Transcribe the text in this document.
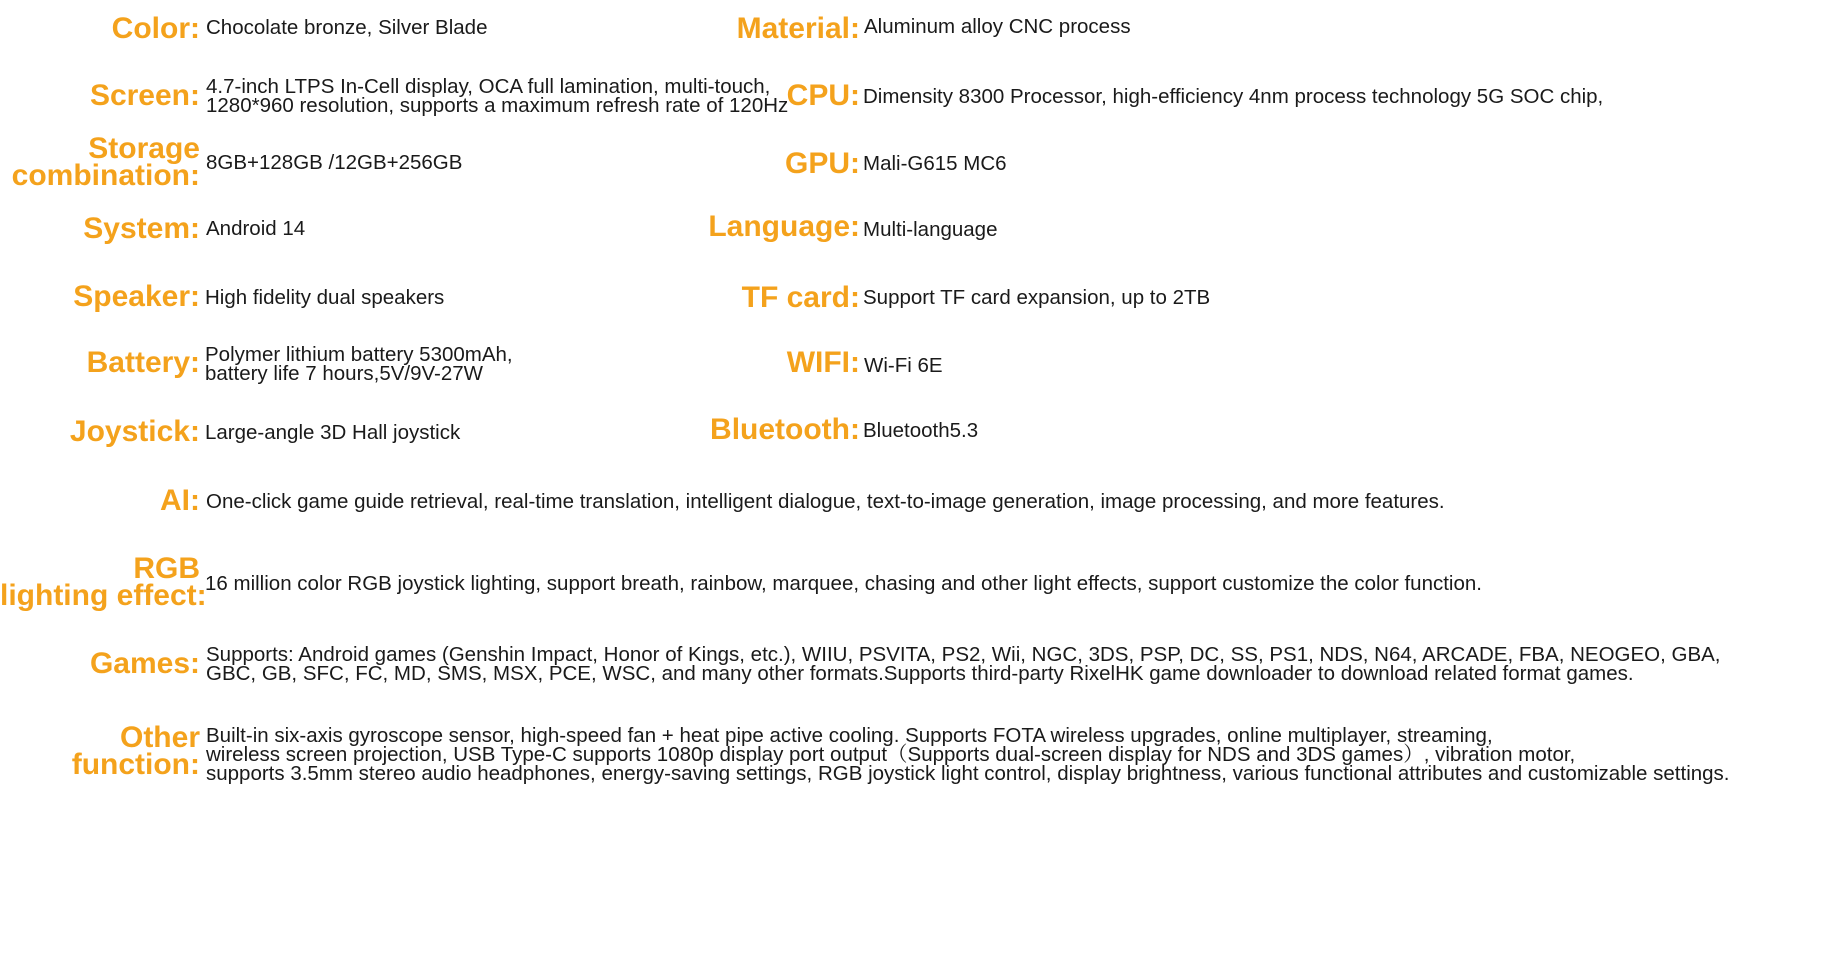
Color: Chocolate bronze, Silver Blade
Screen: 4.7-inch LTPS In-Cell display, OCA full lamination, multi-touch,
1280*960 resolution, supports a maximum refresh rate of 120Hz
Storage
combination: 8GB+128GB /12GB+256GB
System: Android 14
Speaker: High fidelity dual speakers
Battery: Polymer lithium battery 5300mAh,
battery life 7 hours,5V/9V-27W
Joystick: Large-angle 3D Hall joystick
Material: Aluminum alloy CNC process
CPU: Dimensity 8300 Processor, high-efficiency 4nm process technology 5G SOC chip,
GPU: Mali-G615 MC6
Language: Multi-language
TF card: Support TF card expansion, up to 2TB
WIFI: Wi-Fi 6E
Bluetooth: Bluetooth5.3
AI: One-click game guide retrieval, real-time translation, intelligent dialogue, text-to-image generation, image processing, and more features.
RGB
lighting effect:
16 million color RGB joystick lighting, support breath, rainbow, marquee, chasing and other light effects, support customize the color function.
Games: Supports: Android games (Genshin Impact, Honor of Kings, etc.), WIIU, PSVITA, PS2, Wii, NGC, 3DS, PSP, DC, SS, PS1, NDS, N64, ARCADE, FBA, NEOGEO, GBA,
GBC, GB, SFC, FC, MD, SMS, MSX, PCE, WSC, and many other formats.Supports third-party RixelHK game downloader to download related format games.
Other
function:
Built-in six-axis gyroscope sensor, high-speed fan + heat pipe active cooling. Supports FOTA wireless upgrades, online multiplayer, streaming,
wireless screen projection, USB Type-C supports 1080p display port output（Supports dual-screen display for NDS and 3DS games）, vibration motor,
supports 3.5mm stereo audio headphones, energy-saving settings, RGB joystick light control, display brightness, various functional attributes and customizable settings.
